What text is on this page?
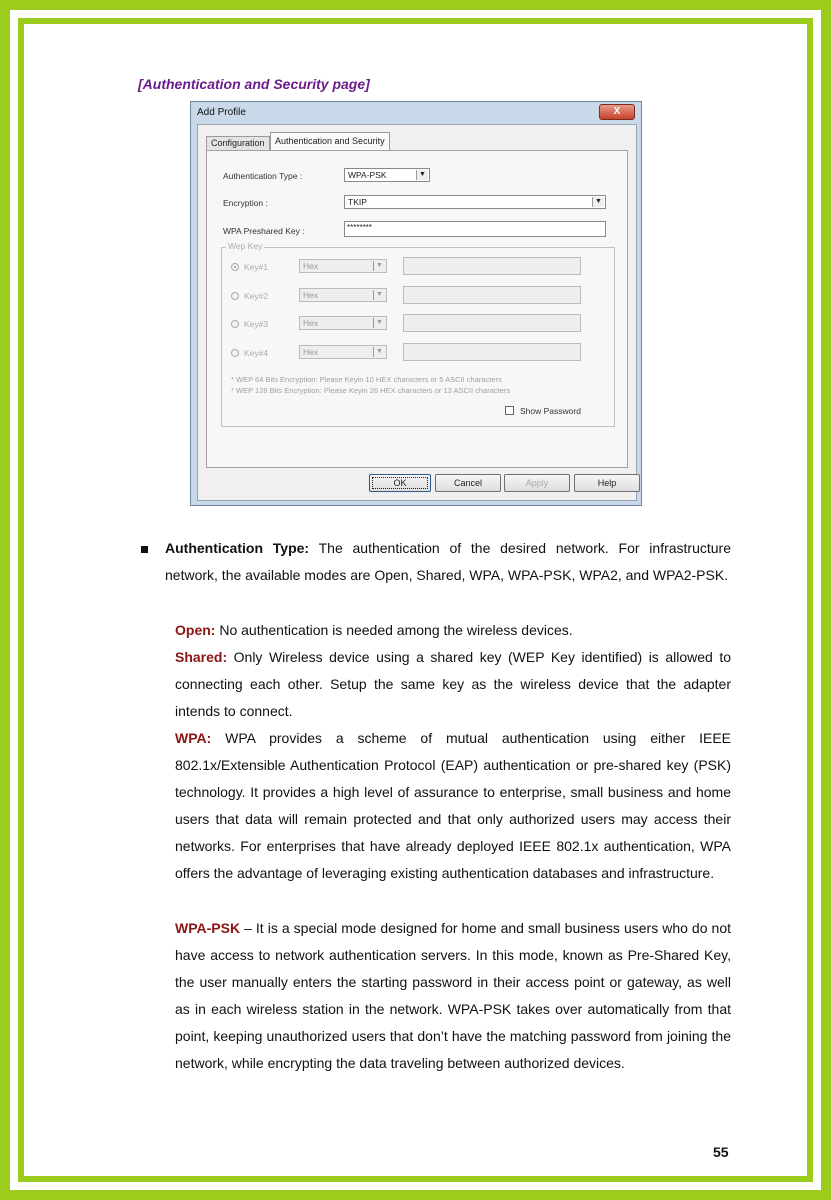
[Authentication and Security page]
Add Profile	X
Configuration	Authentication and Security
Authentication Type :	WPA-PSK	▼
Encryption :	TKIP	▼
WPA Preshared Key :	********
Wep Key
Key#1	Hex	▼
Key#2	Hex	▼
Key#3	Hex	▼
Key#4	Hex	▼
* WEP 64 Bits Encryption: Please Keyin 10 HEX characters or 5 ASCII characters
* WEP 128 Bits Encryption: Please Keyin 26 HEX characters or 13 ASCII characters
Show Password
OK	Cancel	Apply	Help
Authentication Type: The authentication of the desired network. For infrastructure network, the available modes are Open, Shared, WPA, WPA-PSK, WPA2, and WPA2-PSK.
Open: No authentication is needed among the wireless devices.
Shared: Only Wireless device using a shared key (WEP Key identified) is allowed to connecting each other. Setup the same key as the wireless device that the adapter intends to connect.
WPA: WPA provides a scheme of mutual authentication using either IEEE 802.1x/Extensible Authentication Protocol (EAP) authentication or pre-shared key (PSK) technology. It provides a high level of assurance to enterprise, small business and home users that data will remain protected and that only authorized users may access their networks. For enterprises that have already deployed IEEE 802.1x authentication, WPA offers the advantage of leveraging existing authentication databases and infrastructure.
WPA-PSK – It is a special mode designed for home and small business users who do not have access to network authentication servers. In this mode, known as Pre-Shared Key, the user manually enters the starting password in their access point or gateway, as well as in each wireless station in the network. WPA-PSK takes over automatically from that point, keeping unauthorized users that don’t have the matching password from joining the network, while encrypting the data traveling between authorized devices.
55
